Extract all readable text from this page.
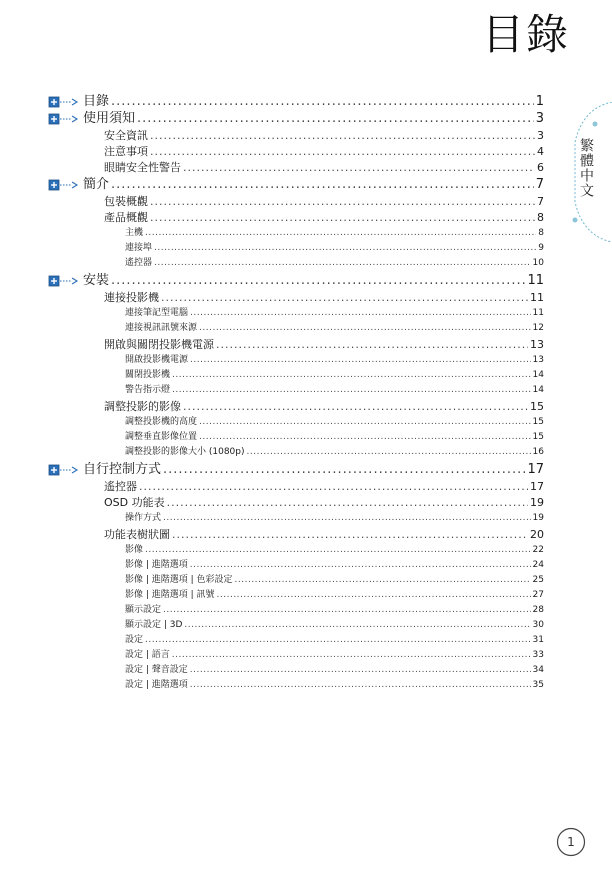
目錄
繁體中文
目錄 .....	1
使用須知 .....	3
安全資訊 .....	3
注意事項 .....	4
眼睛安全性警告 .....	6
簡介 .....	7
包裝概觀 .....	7
產品概觀 .....	8
主機 .....	8
連接埠 .....	9
遙控器 .....	10
安裝 .....	11
連接投影機 .....	11
連接筆記型電腦 .....	11
連接視訊訊號來源 .....	12
開啟與關閉投影機電源 .....	13
開啟投影機電源 .....	13
關閉投影機 .....	14
警告指示燈 .....	14
調整投影的影像 .....	15
調整投影機的高度 .....	15
調整垂直影像位置 .....	15
調整投影的影像大小 (1080p) .....	16
自行控制方式 .....	17
遙控器 .....	17
OSD 功能表 .....	19
操作方式 .....	19
功能表樹狀圖 .....	20
影像 .....	22
影像 | 進階選項 .....	24
影像 | 進階選項 | 色彩設定 .....	25
影像 | 進階選項 | 訊號 .....	27
顯示設定 .....	28
顯示設定 | 3D .....	30
設定 .....	31
設定 | 語言 .....	33
設定 | 聲音設定 .....	34
設定 | 進階選項 .....	35
1
